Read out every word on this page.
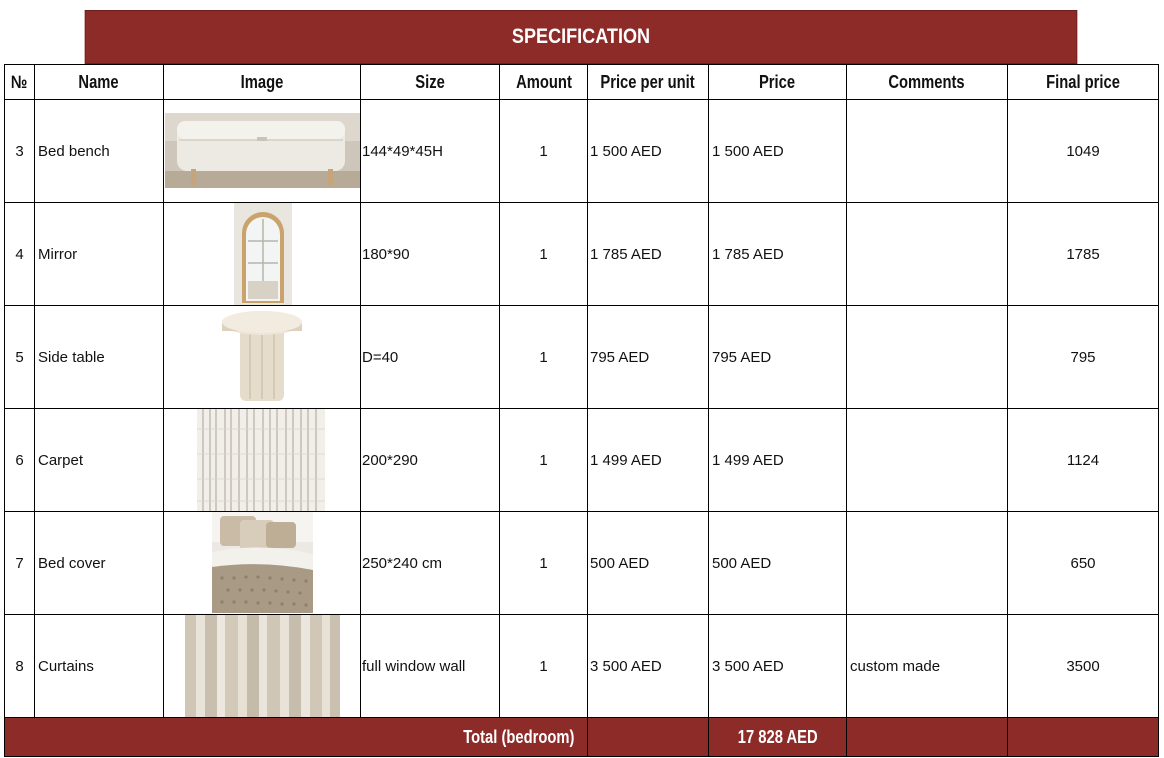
SPECIFICATION
№	Name	Image	Size	Amount	Price per unit	Price	Comments	Final price
3	Bed bench		144*49*45H	1	1 500 AED	1 500 AED		1049
4	Mirror		180*90	1	1 785 AED	1 785 AED		1785
5	Side table		D=40	1	795 AED	795 AED		795
6	Carpet		200*290	1	1 499 AED	1 499 AED		1124
7	Bed cover		250*240 cm	1	500 AED	500 AED		650
8	Curtains		full window wall	1	3 500 AED	3 500 AED	custom made	3500
Total (bedroom)						17 828 AED		
